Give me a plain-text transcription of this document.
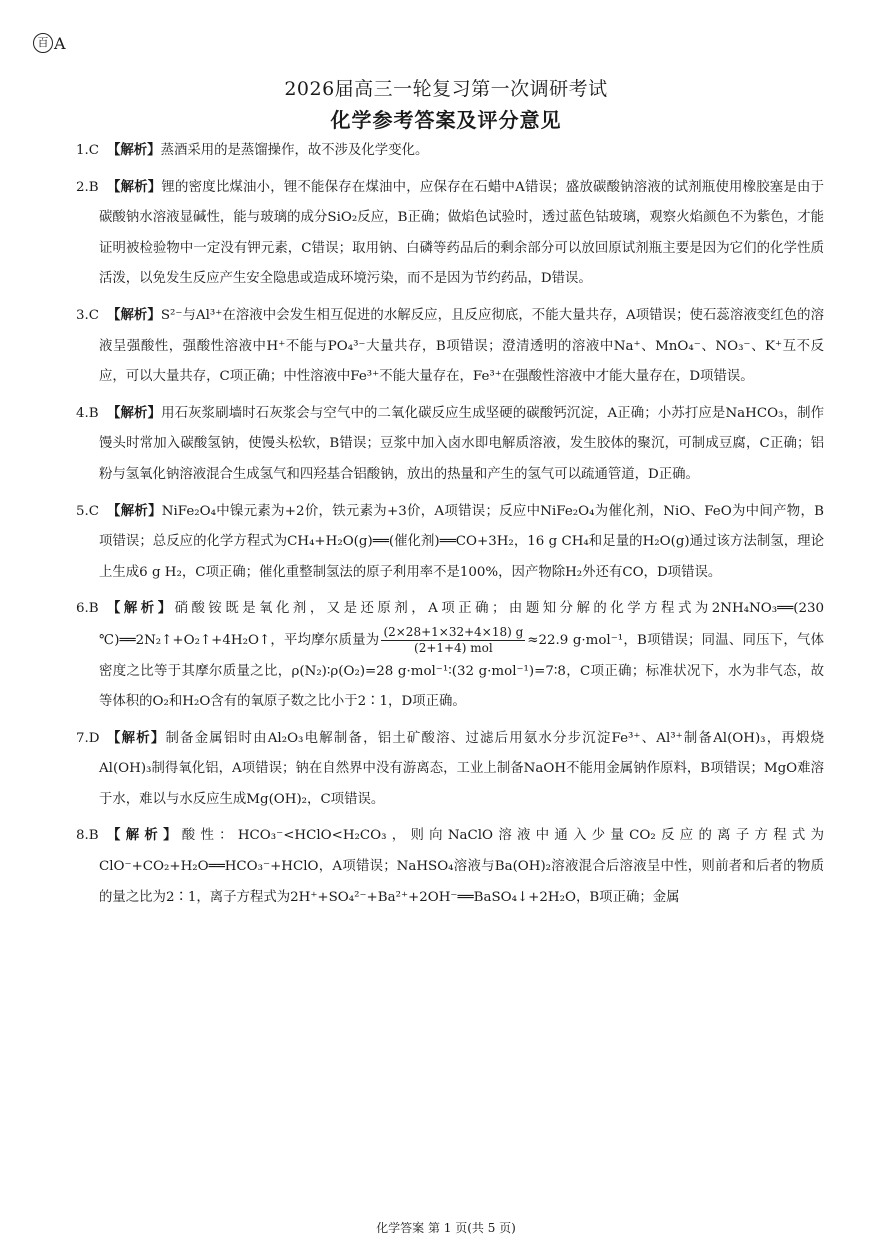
百 A
2026届高三一轮复习第一次调研考试
化学参考答案及评分意见
1.C 【解析】蒸酒采用的是蒸馏操作，故不涉及化学变化。
2.B 【解析】锂的密度比煤油小，锂不能保存在煤油中，应保存在石蜡中A错误；盛放碳酸钠溶液的试剂瓶使用橡胶塞是由于碳酸钠水溶液显碱性，能与玻璃的成分SiO₂反应，B正确；做焰色试验时，透过蓝色钴玻璃，观察火焰颜色不为紫色，才能证明被检验物中一定没有钾元素，C错误；取用钠、白磷等药品后的剩余部分可以放回原试剂瓶主要是因为它们的化学性质活泼，以免发生反应产生安全隐患或造成环境污染，而不是因为节约药品，D错误。
3.C 【解析】S²⁻与Al³⁺在溶液中会发生相互促进的水解反应，且反应彻底，不能大量共存，A项错误；使石蕊溶液变红色的溶液呈强酸性，强酸性溶液中H⁺不能与PO₄³⁻大量共存，B项错误；澄清透明的溶液中Na⁺、MnO₄⁻、NO₃⁻、K⁺互不反应，可以大量共存，C项正确；中性溶液中Fe³⁺不能大量存在，Fe³⁺在强酸性溶液中才能大量存在，D项错误。
4.B 【解析】用石灰浆刷墙时石灰浆会与空气中的二氧化碳反应生成坚硬的碳酸钙沉淀，A正确；小苏打应是NaHCO₃，制作馒头时常加入碳酸氢钠，使馒头松软，B错误；豆浆中加入卤水即电解质溶液，发生胶体的聚沉，可制成豆腐，C正确；铝粉与氢氧化钠溶液混合生成氢气和四羟基合铝酸钠，放出的热量和产生的氢气可以疏通管道，D正确。
5.C 【解析】NiFe₂O₄中镍元素为+2价，铁元素为+3价，A项错误；反应中NiFe₂O₄为催化剂，NiO、FeO为中间产物，B项错误；总反应的化学方程式为CH₄+H₂O(g)══(催化剂)══CO+3H₂，16 g CH₄和足量的H₂O(g)通过该方法制氢，理论上生成6 g H₂，C项正确；催化重整制氢法的原子利用率不是100%，因产物除H₂外还有CO，D项错误。
6.B 【解析】硝酸铵既是氧化剂，又是还原剂，A项正确；由题知分解的化学方程式为2NH₄NO₃══(230 ℃)══2N₂↑+O₂↑+4H₂O↑，平均摩尔质量为 $\frac{(2\times 28+1\times 32+4\times 18) g}{\text{(2+1+4) mol}} \approx 22.9$ g·mol⁻¹，B项错误；同温、同压下，气体密度之比等于其摩尔质量之比，ρ(N₂)∶ρ(O₂)=28 g·mol⁻¹∶(32 g·mol⁻¹)=7∶8，C项正确；标准状况下，水为非气态，故等体积的O₂和H₂O含有的氧原子数之比小于2∶1，D项正确。
7.D 【解析】制备金属铝时由Al₂O₃电解制备，铝土矿酸溶、过滤后用氨水分步沉淀Fe³⁺、Al³⁺制备Al(OH)₃，再煅烧Al(OH)₃制得氧化铝，A项错误；钠在自然界中没有游离态，工业上制备NaOH不能用金属钠作原料，B项错误；MgO难溶于水，难以与水反应生成Mg(OH)₂，C项错误。
8.B 【解析】酸性：HCO₃⁻<HClO<H₂CO₃，则向NaClO溶液中通入少量CO₂反应的离子方程式为ClO⁻+CO₂+H₂O══HCO₃⁻+HClO，A项错误；NaHSO₄溶液与Ba(OH)₂溶液混合后溶液呈中性，则前者和后者的物质的量之比为2∶1，离子方程式为2H⁺+SO₄²⁻+Ba²⁺+2OH⁻══BaSO₄↓+2H₂O，B项正确；金属
化学答案 第 1 页(共 5 页)
